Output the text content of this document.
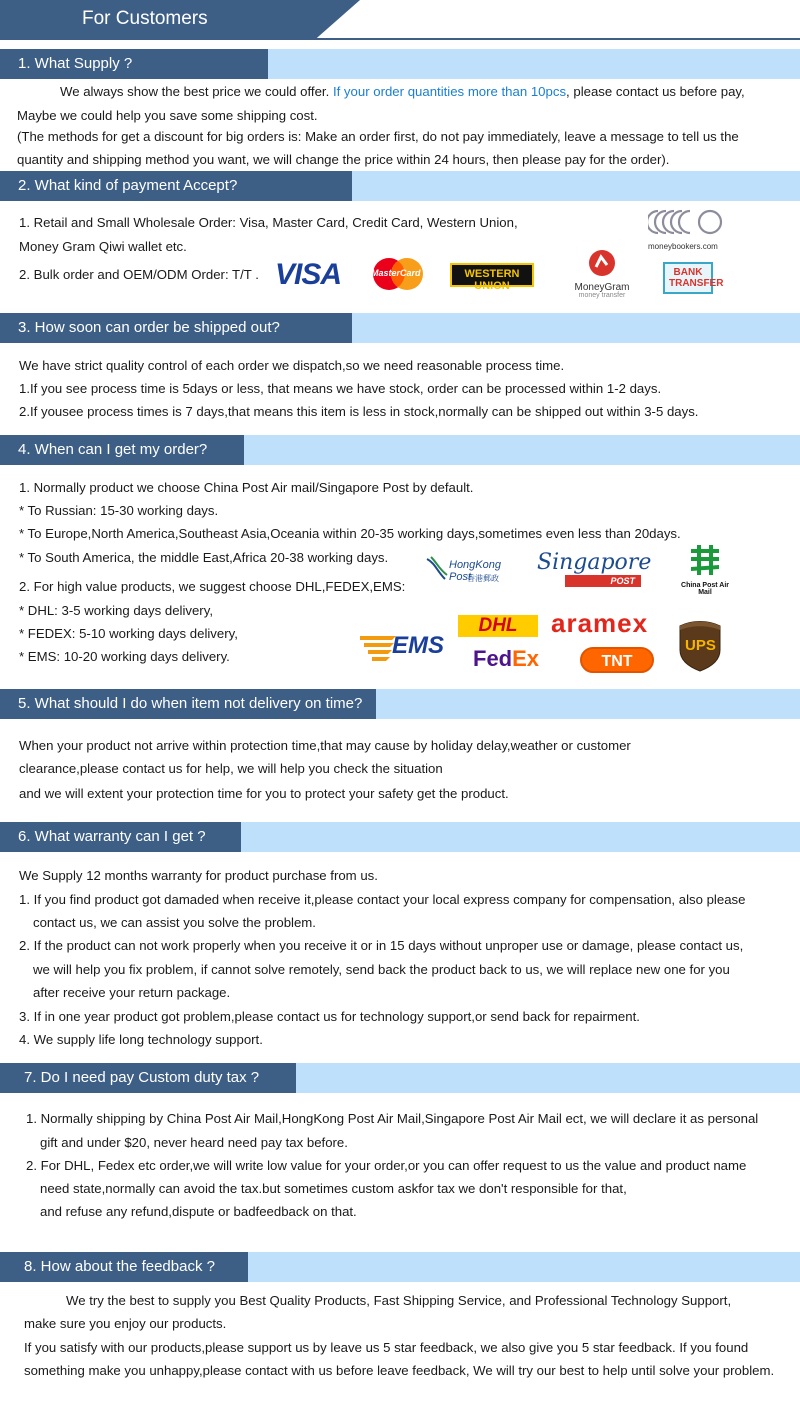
For Customers
1. What Supply ?
We always show the best price we could offer. If your order quantities more than 10pcs, please contact us before pay,
Maybe we could help you save some shipping cost.
(The methods for get a discount for big orders is: Make an order first, do not pay immediately, leave a message to tell us the
quantity and shipping method you want, we will change the price within 24 hours, then please pay for the order).
2. What kind of payment Accept?
1. Retail and Small Wholesale Order: Visa, Master Card, Credit Card, Western Union,
Money Gram Qiwi wallet etc.
2. Bulk order and OEM/ODM Order: T/T .
moneybookers.com
VISA	MasterCard	WESTERN UNION	MoneyGram
money transfer
BANK TRANSFER
3. How soon can order be shipped out?
We have strict quality control of each order we dispatch,so we need reasonable process time.
1.If you see process time is 5days or less, that means we have stock, order can be processed within 1-2 days.
2.If yousee process times is 7 days,that means this item is less in stock,normally can be shipped out within 3-5 days.
4. When can I get my order?
1. Normally product we choose China Post Air mail/Singapore Post by default.
* To Russian: 15-30 working days.
* To Europe,North America,Southeast Asia,Oceania within 20-35 working days,sometimes even less than 20days.
* To South America, the middle East,Africa 20-38 working days.
2. For high value products, we suggest choose DHL,FEDEX,EMS:
* DHL: 3-5 working days delivery,
* FEDEX: 5-10 working days delivery,
* EMS: 10-20 working days delivery.
HongKong Post
香港郵政
Singapore
POST	China Post Air Mail
EMS
DHL	aramex
FedEx	TNT
UPS
5. What should I do when item not delivery on time?
When your product not arrive within protection time,that may cause by holiday delay,weather or customer
clearance,please contact us for help, we will help you check the situation
and we will extent your protection time for you to protect your safety get the product.
6. What warranty can I get ?
We Supply 12 months warranty for product purchase from us.
1. If you find product got damaded when receive it,please contact your local express company for compensation, also please
contact us, we can assist you solve the problem.
2. If the product can not work properly when you receive it or in 15 days without unproper use or damage, please contact us,
we will help you fix problem, if cannot solve remotely, send back the product back to us, we will replace new one for you
after receive your return package.
3. If in one year product got problem,please contact us for technology support,or send back for repairment.
4. We supply life long technology support.
7. Do I need pay Custom duty tax ?
1. Normally shipping by China Post Air Mail,HongKong Post Air Mail,Singapore Post Air Mail ect, we will declare it as personal
gift and under $20, never heard need pay tax before.
2. For DHL, Fedex etc order,we will write low value for your order,or you can offer request to us the value and product name
need state,normally can avoid the tax.but sometimes custom askfor tax we don't responsible for that,
and refuse any refund,dispute or badfeedback on that.
8. How about the feedback ?
We try the best to supply you Best Quality Products, Fast Shipping Service, and Professional Technology Support,
make sure you enjoy our products.
If you satisfy with our products,please support us by leave us 5 star feedback, we also give you 5 star feedback. If you found
something make you unhappy,please contact with us before leave feedback, We will try our best to help until solve your problem.
